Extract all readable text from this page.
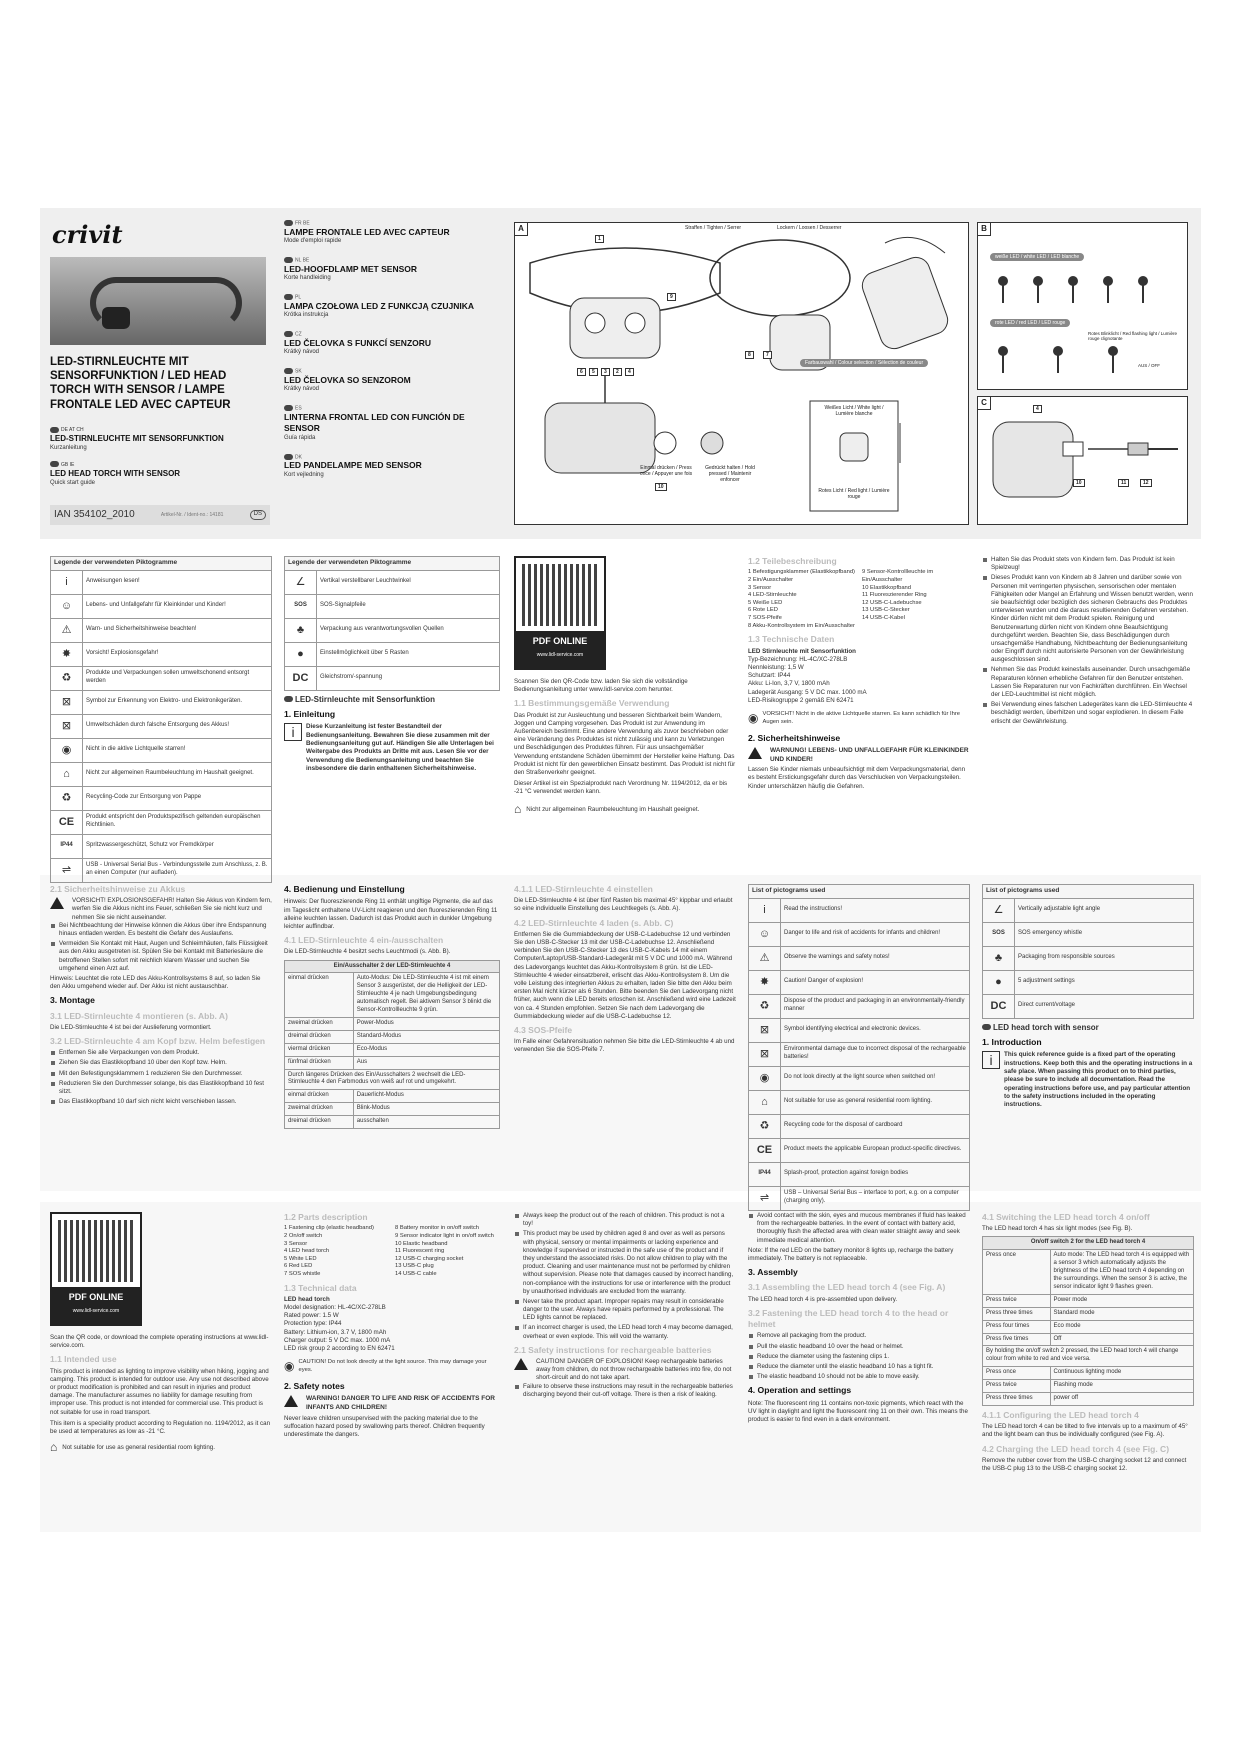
crivit
LED-STIRNLEUCHTE MIT SENSORFUNKTION / LED HEAD TORCH WITH SENSOR / LAMPE FRONTALE LED AVEC CAPTEUR
DE AT CH
LED-STIRNLEUCHTE MIT SENSORFUNKTION
Kurzanleitung
GB IE
LED HEAD TORCH WITH SENSOR
Quick start guide
IAN 354102_2010	Artikel-Nr. / Ident-no.: 14181	DS
FR BE
LAMPE FRONTALE LED AVEC CAPTEUR
Mode d'emploi rapide
NL BE
LED-HOOFDLAMP MET SENSOR
Korte handleiding
PL
LAMPA CZOŁOWA LED Z FUNKCJĄ CZUJNIKA
Krótka instrukcja
CZ
LED ČELOVKA S FUNKCÍ SENZORU
Krátký návod
SK
LED ČELOVKA SO SENZOROM
Krátky návod
ES
LINTERNA FRONTAL LED CON FUNCIÓN DE SENSOR
Guía rápida
DK
LED PANDELAMPE MED SENSOR
Kort vejledning
A	Straffen / Tighten / Serrer	Lockern / Loosen / Desserrer
Farbauswahl / Colour selection / Sélection de couleur
Weißes Licht / White light / Lumière blanche
Rotes Licht / Red light / Lumière rouge
Einmal drücken / Press once / Appuyer une fois
Gedrückt halten / Hold pressed / Maintenir enfoncer
1
2
3	4
5
6
7
8
9
10
B
weiße LED / white LED / LED blanche
rote LED / red LED / LED rouge
Rotes Blinklicht / Red flashing light / Lumière rouge clignotante
AUS / OFF
C
4
10	11	12
Legende der verwendeten Piktogramme	
i	Anweisungen lesen!
☺	Lebens- und Unfallgefahr für Kleinkinder und Kinder!
⚠	Warn- und Sicherheitshinweise beachten!
✸	Vorsicht! Explosionsgefahr!
♻	Produkte und Verpackungen sollen umweltschonend entsorgt werden
⊠	Symbol zur Erkennung von Elektro- und Elektronikgeräten.
⊠	Umweltschäden durch falsche Entsorgung des Akkus!
◉	Nicht in die aktive Lichtquelle starren!
⌂	Nicht zur allgemeinen Raumbeleuchtung im Haushalt geeignet.
♻	Recycling-Code zur Entsorgung von Pappe
CE	Produkt entspricht den Produktspezifisch geltenden europäischen Richtlinien.
IP44	Spritzwassergeschützt, Schutz vor Fremdkörper
⇌	USB - Universal Serial Bus - Verbindungsstelle zum Anschluss, z. B. an einen Computer (nur aufladen).
Legende der verwendeten Piktogramme	
∠	Vertikal verstellbarer Leuchtwinkel
SOS	SOS-Signalpfeile
♣	Verpackung aus verantwortungsvollen Quellen
●	Einstellmöglichkeit über 5 Rasten
DC	Gleichstrom/-spannung
LED-Stirnleuchte mit Sensorfunktion
1. Einleitung
i	Diese Kurzanleitung ist fester Bestandteil der Bedienungsanleitung. Bewahren Sie diese zusammen mit der Bedienungsanleitung gut auf. Händigen Sie alle Unterlagen bei Weitergabe des Produkts an Dritte mit aus. Lesen Sie vor der Verwendung die Bedienungsanleitung und beachten Sie insbesondere die darin enthaltenen Sicherheitshinweise.
PDF ONLINE
www.lidl-service.com

Scannen Sie den QR-Code bzw. laden Sie sich die vollständige Bedienungsanleitung unter www.lidl-service.com herunter.

1.1 Bestimmungsgemäße Verwendung

Das Produkt ist zur Ausleuchtung und besseren Sichtbarkeit beim Wandern, Joggen und Camping vorgesehen. Das Produkt ist zur Anwendung im Außenbereich bestimmt. Eine andere Verwendung als zuvor beschrieben oder eine Veränderung des Produktes ist nicht zulässig und kann zu Verletzungen und Beschädigungen des Produktes führen. Für aus unsachgemäßer Verwendung entstandene Schäden übernimmt der Hersteller keine Haftung. Das Produkt ist nicht für den gewerblichen Einsatz bestimmt. Das Produkt ist nicht für den Straßenverkehr geeignet.

Dieser Artikel ist ein Spezialprodukt nach Verordnung Nr. 1194/2012, da er bis -21 °C verwendet werden kann.

⌂ Nicht zur allgemeinen Raumbeleuchtung im Haushalt geeignet.
1.2 Teilebeschreibung
1 Befestigungsklammer (Elastikkopfband)
2 Ein/Ausschalter
3 Sensor
4 LED-Stirnleuchte
5 Weiße LED
6 Rote LED
7 SOS-Pfeife
8 Akku-Kontrollsystem im Ein/Ausschalter
9 Sensor-Kontrollleuchte im Ein/Ausschalter
10 Elastikkopfband
11 Fluoreszierender Ring
12 USB-C-Ladebuchse
13 USB-C-Stecker
14 USB-C-Kabel
1.3 Technische Daten
LED Stirnleuchte mit Sensorfunktion
Typ-Bezeichnung: HL-4C/XC-278LB
Nennleistung: 1,5 W
Schutzart: IP44
Akku: Li-Ion, 3,7 V, 1800 mAh
Ladegerät Ausgang: 5 V DC max. 1000 mA
LED-Risikogruppe 2 gemäß EN 62471
◉ VORSICHT! Nicht in die aktive Lichtquelle starren. Es kann schädlich für Ihre Augen sein.
2. Sicherheitshinweise
WARNUNG! LEBENS- UND UNFALLGEFAHR FÜR KLEINKINDER UND KINDER!

Lassen Sie Kinder niemals unbeaufsichtigt mit dem Verpackungsmaterial, denn es besteht Erstickungsgefahr durch das Verschlucken von Verpackungsteilen. Kinder unterschätzen häufig die Gefahren.

Halten Sie das Produkt stets von Kindern fern. Das Produkt ist kein Spielzeug!
Dieses Produkt kann von Kindern ab 8 Jahren und darüber sowie von Personen mit verringerten physischen, sensorischen oder mentalen Fähigkeiten oder Mangel an Erfahrung und Wissen benutzt werden, wenn sie beaufsichtigt oder bezüglich des sicheren Gebrauchs des Produktes unterwiesen wurden und die daraus resultierenden Gefahren verstehen. Kinder dürfen nicht mit dem Produkt spielen. Reinigung und Benutzerwartung dürfen nicht von Kindern ohne Beaufsichtigung durchgeführt werden. Beachten Sie, dass Beschädigungen durch unsachgemäße Handhabung, Nichtbeachtung der Bedienungsanleitung oder Eingriff durch nicht autorisierte Personen von der Gewährleistung ausgeschlossen sind.
Nehmen Sie das Produkt keinesfalls auseinander. Durch unsachgemäße Reparaturen können erhebliche Gefahren für den Benutzer entstehen. Lassen Sie Reparaturen nur von Fachkräften durchführen. Ein Wechsel der LED-Leuchtmittel ist nicht möglich.
Bei Verwendung eines falschen Ladegerätes kann die LED-Stirnleuchte 4 beschädigt werden, überhitzen und sogar explodieren. In diesem Falle erlischt der Gewährleistung.
2.1 Sicherheitshinweise zu Akkus
VORSICHT! EXPLOSIONSGEFAHR! Halten Sie Akkus von Kindern fern, werfen Sie die Akkus nicht ins Feuer, schließen Sie sie nicht kurz und nehmen Sie sie nicht auseinander.
Bei Nichtbeachtung der Hinweise können die Akkus über ihre Endspannung hinaus entladen werden. Es besteht die Gefahr des Auslaufens.
Vermeiden Sie Kontakt mit Haut, Augen und Schleimhäuten, falls Flüssigkeit aus den Akku ausgetreten ist. Spülen Sie bei Kontakt mit Batteriesäure die betroffenen Stellen sofort mit reichlich klarem Wasser und suchen Sie umgehend einen Arzt auf.

Hinweis: Leuchtet die rote LED des Akku-Kontrollsystems 8 auf, so laden Sie den Akku umgehend wieder auf. Der Akku ist nicht austauschbar.

3. Montage
3.1 LED-Stirnleuchte 4 montieren (s. Abb. A)

Die LED-Stirnleuchte 4 ist bei der Auslieferung vormontiert.

3.2 LED-Stirnleuchte 4 am Kopf bzw. Helm befestigen
Entfernen Sie alle Verpackungen von dem Produkt.
Ziehen Sie das Elastikkopfband 10 über den Kopf bzw. Helm.
Mit den Befestigungsklammern 1 reduzieren Sie den Durchmesser.
Reduzieren Sie den Durchmesser solange, bis das Elastikkopfband 10 fest sitzt.
Das Elastikkopfband 10 darf sich nicht leicht verschieben lassen.
4. Bedienung und Einstellung

Hinweis: Der fluoreszierende Ring 11 enthält ungiftige Pigmente, die auf das im Tageslicht enthaltene UV-Licht reagieren und den fluoreszierenden Ring 11 alleine leuchten lassen. Dadurch ist das Produkt auch in dunkler Umgebung leichter auffindbar.

4.1 LED-Stirnleuchte 4 ein-/ausschalten

Die LED-Stirnleuchte 4 besitzt sechs Leuchtmodi (s. Abb. B).

Ein/Ausschalter 2 der LED-Stirnleuchte 4	
einmal drücken	Auto-Modus: Die LED-Stirnleuchte 4 ist mit einem Sensor 3 ausgerüstet, der die Helligkeit der LED-Stirnleuchte 4 je nach Umgebungsbedingung automatisch regelt. Bei aktivem Sensor 3 blinkt die Sensor-Kontrollleuchte 9 grün.
zweimal drücken	Power-Modus
dreimal drücken	Standard-Modus
viermal drücken	Eco-Modus
fünfmal drücken	Aus
Durch längeres Drücken des Ein/Ausschalters 2 wechselt die LED-Stirnleuchte 4 den Farbmodus von weiß auf rot und umgekehrt.	
einmal drücken	Dauerlicht-Modus
zweimal drücken	Blink-Modus
dreimal drücken	ausschalten
4.1.1 LED-Stirnleuchte 4 einstellen

Die LED-Stirnleuchte 4 ist über fünf Rasten bis maximal 45° kippbar und erlaubt so eine individuelle Einstellung des Leuchtkegels (s. Abb. A).

4.2 LED-Stirnleuchte 4 laden (s. Abb. C)

Entfernen Sie die Gummiabdeckung der USB-C-Ladebuchse 12 und verbinden Sie den USB-C-Stecker 13 mit der USB-C-Ladebuchse 12. Anschließend verbinden Sie den USB-C-Stecker 13 des USB-C-Kabels 14 mit einem Computer/Laptop/USB-Standard-Ladegerät mit 5 V DC und 1000 mA. Während des Ladevorgangs leuchtet das Akku-Kontrollsystem 8 grün. Ist die LED-Stirnleuchte 4 wieder einsatzbereit, erlischt das Akku-Kontrollsystem 8. Um die volle Leistung des integrierten Akkus zu erhalten, laden Sie bitte den Akku beim ersten Mal nicht kürzer als 6 Stunden. Bitte beenden Sie den Ladevorgang nicht früher, auch wenn die LED bereits erloschen ist. Anschließend wird eine Ladezeit von ca. 4 Stunden empfohlen. Setzen Sie nach dem Ladevorgang die Gummiabdeckung wieder auf die USB-C-Ladebuchse 12.

4.3 SOS-Pfeife

Im Falle einer Gefahrensituation nehmen Sie bitte die LED-Stirnleuchte 4 ab und verwenden Sie die SOS-Pfeife 7.

List of pictograms used	
i	Read the instructions!
☺	Danger to life and risk of accidents for infants and children!
⚠	Observe the warnings and safety notes!
✸	Caution! Danger of explosion!
♻	Dispose of the product and packaging in an environmentally-friendly manner
⊠	Symbol identifying electrical and electronic devices.
⊠	Environmental damage due to incorrect disposal of the rechargeable batteries!
◉	Do not look directly at the light source when switched on!
⌂	Not suitable for use as general residential room lighting.
♻	Recycling code for the disposal of cardboard
CE	Product meets the applicable European product-specific directives.
IP44	Splash-proof, protection against foreign bodies
⇌	USB – Universal Serial Bus – interface to port, e.g. on a computer (charging only).
List of pictograms used	
∠	Vertically adjustable light angle
SOS	SOS emergency whistle
♣	Packaging from responsible sources
●	5 adjustment settings
DC	Direct current/voltage
LED head torch with sensor
1. Introduction
i	This quick reference guide is a fixed part of the operating instructions. Keep both this and the operating instructions in a safe place. When passing this product on to third parties, please be sure to include all documentation. Read the operating instructions before use, and pay particular attention to the safety instructions included in the operating instructions.
PDF ONLINE
www.lidl-service.com

Scan the QR code, or download the complete operating instructions at www.lidl-service.com.

1.1 Intended use

This product is intended as lighting to improve visibility when hiking, jogging and camping. This product is intended for outdoor use. Any use not described above or product modification is prohibited and can result in injuries and product damage. The manufacturer assumes no liability for damage resulting from improper use. This product is not intended for commercial use. This product is not suitable for use in road transport.

This item is a speciality product according to Regulation no. 1194/2012, as it can be used at temperatures as low as -21 °C.

⌂ Not suitable for use as general residential room lighting.
1.2 Parts description
1 Fastening clip (elastic headband)
2 On/off switch
3 Sensor
4 LED head torch
5 White LED
6 Red LED
7 SOS whistle
8 Battery monitor in on/off switch
9 Sensor indicator light in on/off switch
10 Elastic headband
11 Fluorescent ring
12 USB-C charging socket
13 USB-C plug
14 USB-C cable
1.3 Technical data
LED head torch
Model designation: HL-4C/XC-278LB
Rated power: 1.5 W
Protection type: IP44
Battery: Lithium-ion, 3.7 V, 1800 mAh
Charger output: 5 V DC max. 1000 mA
LED risk group 2 according to EN 62471
◉ CAUTION! Do not look directly at the light source. This may damage your eyes.
2. Safety notes
WARNING! DANGER TO LIFE AND RISK OF ACCIDENTS FOR INFANTS AND CHILDREN!

Never leave children unsupervised with the packing material due to the suffocation hazard posed by swallowing parts thereof. Children frequently underestimate the dangers.

Always keep the product out of the reach of children. This product is not a toy!
This product may be used by children aged 8 and over as well as persons with physical, sensory or mental impairments or lacking experience and knowledge if supervised or instructed in the safe use of the product and if they understand the associated risks. Do not allow children to play with the product. Cleaning and user maintenance must not be performed by children without supervision. Please note that damages caused by incorrect handling, non-compliance with the instructions for use or interference with the product by unauthorised individuals are excluded from the warranty.
Never take the product apart. Improper repairs may result in considerable danger to the user. Always have repairs performed by a professional. The LED lights cannot be replaced.
If an incorrect charger is used, the LED head torch 4 may become damaged, overheat or even explode. This will void the warranty.
2.1 Safety instructions for rechargeable batteries
CAUTION! DANGER OF EXPLOSION! Keep rechargeable batteries away from children, do not throw rechargeable batteries into fire, do not short-circuit and do not take apart.
Failure to observe these instructions may result in the rechargeable batteries discharging beyond their cut-off voltage. There is then a risk of leaking.
Avoid contact with the skin, eyes and mucous membranes if fluid has leaked from the rechargeable batteries. In the event of contact with battery acid, thoroughly flush the affected area with clean water straight away and seek immediate medical attention.

Note: If the red LED on the battery monitor 8 lights up, recharge the battery immediately. The battery is not replaceable.

3. Assembly
3.1 Assembling the LED head torch 4 (see Fig. A)

The LED head torch 4 is pre-assembled upon delivery.

3.2 Fastening the LED head torch 4 to the head or helmet
Remove all packaging from the product.
Pull the elastic headband 10 over the head or helmet.
Reduce the diameter using the fastening clips 1.
Reduce the diameter until the elastic headband 10 has a tight fit.
The elastic headband 10 should not be able to move easily.
4. Operation and settings

Note: The fluorescent ring 11 contains non-toxic pigments, which react with the UV light in daylight and light the fluorescent ring 11 on their own. This means the product is easier to find even in a dark environment.

4.1 Switching the LED head torch 4 on/off

The LED head torch 4 has six light modes (see Fig. B).

On/off switch 2 for the LED head torch 4	
Press once	Auto mode: The LED head torch 4 is equipped with a sensor 3 which automatically adjusts the brightness of the LED head torch 4 depending on the surroundings. When the sensor 3 is active, the sensor indicator light 9 flashes green.
Press twice	Power mode
Press three times	Standard mode
Press four times	Eco mode
Press five times	Off
By holding the on/off switch 2 pressed, the LED head torch 4 will change colour from white to red and vice versa.	
Press once	Continuous lighting mode
Press twice	Flashing mode
Press three times	power off
4.1.1 Configuring the LED head torch 4

The LED head torch 4 can be tilted to five intervals up to a maximum of 45° and the light beam can thus be individually configured (see Fig. A).

4.2 Charging the LED head torch 4 (see Fig. C)

Remove the rubber cover from the USB-C charging socket 12 and connect the USB-C plug 13 to the USB-C charging socket 12.
